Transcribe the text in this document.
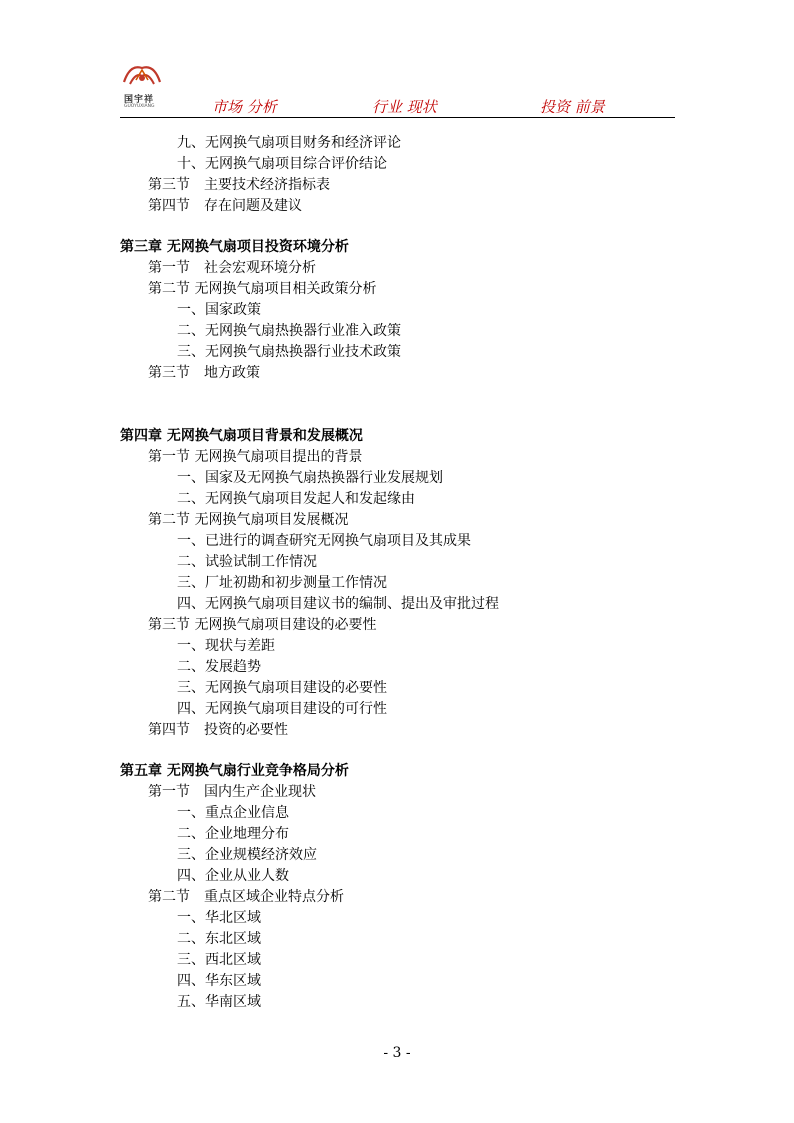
国宇祥
GUOYUXIANG	市场 分析	行业 现状	投资 前景
九、无网换气扇项目财务和经济评论
十、无网换气扇项目综合评价结论
第三节　主要技术经济指标表
第四节　存在问题及建议
第三章 无网换气扇项目投资环境分析
第一节　社会宏观环境分析
第二节 无网换气扇项目相关政策分析
一、国家政策
二、无网换气扇热换器行业准入政策
三、无网换气扇热换器行业技术政策
第三节　地方政策
第四章 无网换气扇项目背景和发展概况
第一节 无网换气扇项目提出的背景
一、国家及无网换气扇热换器行业发展规划
二、无网换气扇项目发起人和发起缘由
第二节 无网换气扇项目发展概况
一、已进行的调查研究无网换气扇项目及其成果
二、试验试制工作情况
三、厂址初勘和初步测量工作情况
四、无网换气扇项目建议书的编制、提出及审批过程
第三节 无网换气扇项目建设的必要性
一、现状与差距
二、发展趋势
三、无网换气扇项目建设的必要性
四、无网换气扇项目建设的可行性
第四节　投资的必要性
第五章 无网换气扇行业竞争格局分析
第一节　国内生产企业现状
一、重点企业信息
二、企业地理分布
三、企业规模经济效应
四、企业从业人数
第二节　重点区域企业特点分析
一、华北区域
二、东北区域
三、西北区域
四、华东区域
五、华南区域
- 3 -
